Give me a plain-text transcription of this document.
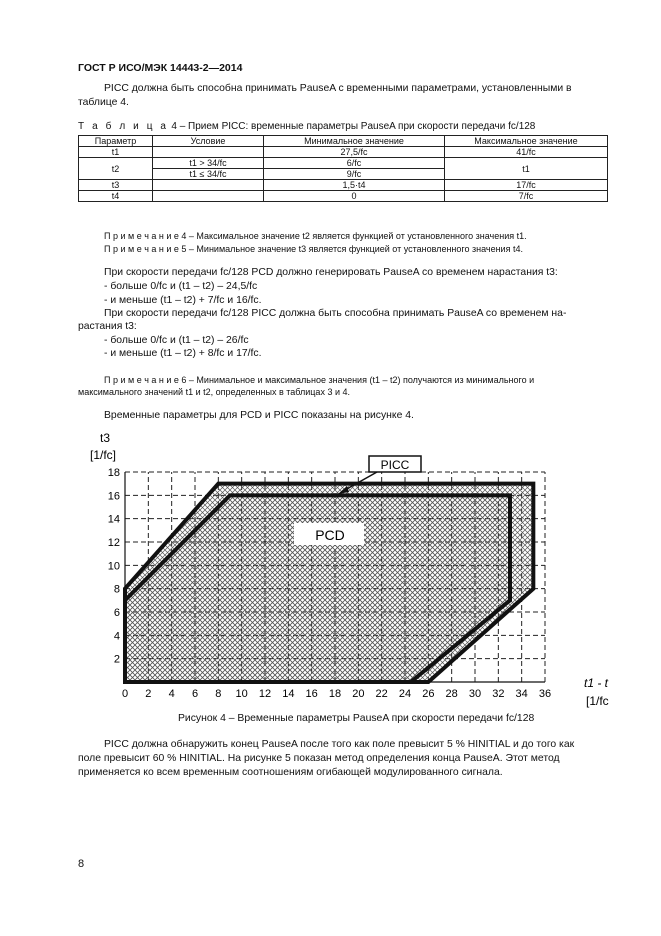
ГОСТ Р ИСО/МЭК 14443-2—2014
PICC должна быть способна принимать PauseA с временными параметрами, установленными в
таблице 4.
Т а б л и ц а 4 – Прием PICC: временные параметры PauseA при скорости передачи fc/128
Параметр	Условие	Минимальное значение	Максимальное значение
t1		27,5/fc	41/fc
t2	t1 > 34/fc	6/fc	t1
	t1 ≤ 34/fc	9/fc	
t3		1,5·t4	17/fc
t4		0	7/fc
П р и м е ч а н и е 4 – Максимальное значение t2 является функцией от установленного значения t1.
П р и м е ч а н и е 5 – Минимальное значение t3 является функцией от установленного значения t4.
При скорости передачи fc/128 PCD должно генерировать PauseA со временем нарастания t3:
- больше 0/fc и (t1 – t2) – 24,5/fc
- и меньше (t1 – t2) + 7/fc и 16/fc.
При скорости передачи fc/128 PICC должна быть способна принимать PauseA со временем на-
растания t3:
- больше 0/fc и (t1 – t2) – 26/fc
- и меньше (t1 – t2) + 8/fc и 17/fc.
П р и м е ч а н и е 6 – Минимальное и максимальное значения (t1 – t2) получаются из минимального и
максимального значений t1 и t2, определенных в таблицах 3 и 4.
Временные параметры для PCD и PICC показаны на рисунке 4.
0 2 4 6 8 10 12 14 16 18 20 22 24 26 28 30 32 34 36
2
4
6
8
10
12
14
16
18
t3
[1/fc]
t1 - t
[1/fc
PICC
PCD
Рисунок 4 – Временные параметры PauseA при скорости передачи fc/128
PICC должна обнаружить конец PauseA после того как поле превысит 5 % HINITIAL и до того как
поле превысит 60 % HINITIAL. На рисунке 5 показан метод определения конца PauseA. Этот метод
применяется ко всем временным соотношениям огибающей модулированного сигнала.
8
